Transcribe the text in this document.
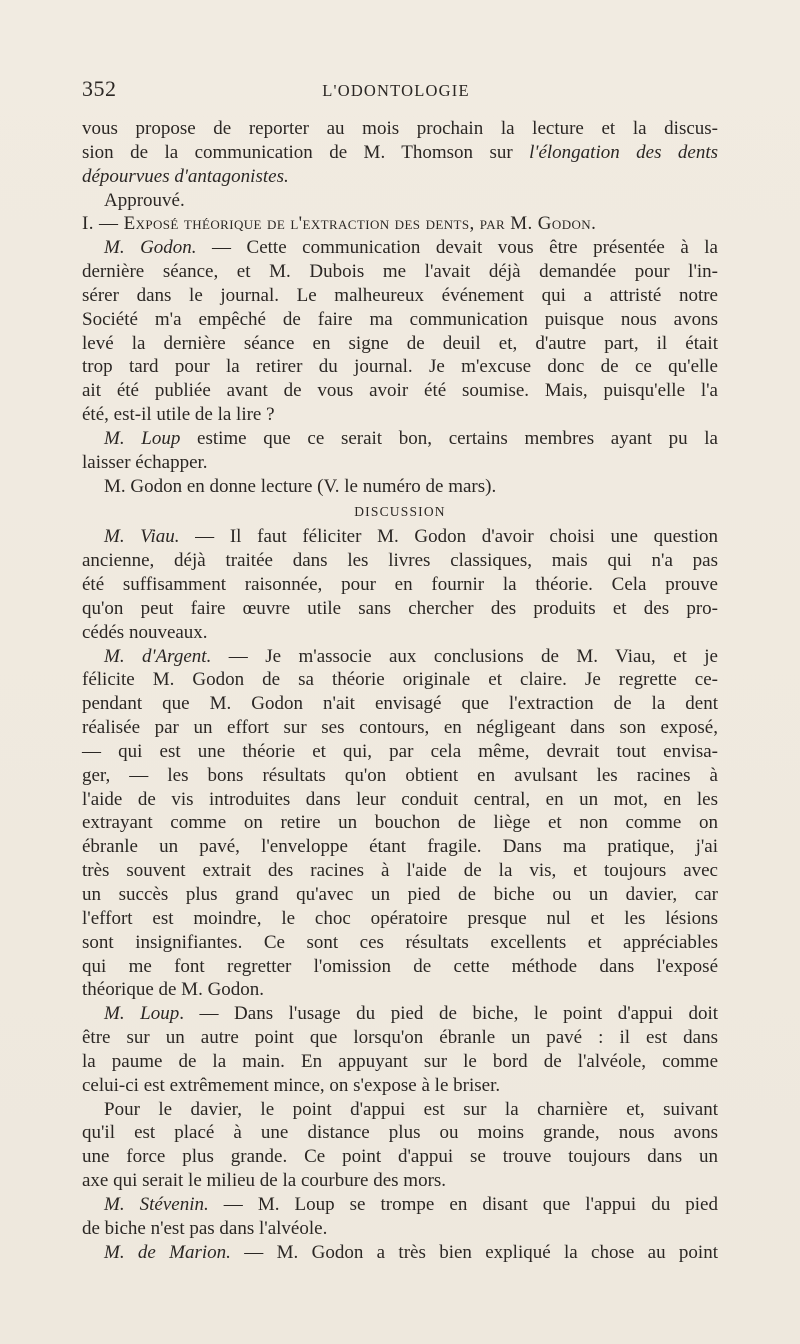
352	L'ODONTOLOGIE
vous propose de reporter au mois prochain la lecture et la discus-
sion de la communication de M. Thomson sur l'élongation des dents
dépourvues d'antagonistes.
Approuvé.
I. — Exposé théorique de l'extraction des dents, par M. Godon.
M. Godon. — Cette communication devait vous être présentée à la
dernière séance, et M. Dubois me l'avait déjà demandée pour l'in-
sérer dans le journal. Le malheureux événement qui a attristé notre
Société m'a empêché de faire ma communication puisque nous avons
levé la dernière séance en signe de deuil et, d'autre part, il était
trop tard pour la retirer du journal. Je m'excuse donc de ce qu'elle
ait été publiée avant de vous avoir été soumise. Mais, puisqu'elle l'a
été, est-il utile de la lire ?
M. Loup estime que ce serait bon, certains membres ayant pu la
laisser échapper.
M. Godon en donne lecture (V. le numéro de mars).
DISCUSSION
M. Viau. — Il faut féliciter M. Godon d'avoir choisi une question
ancienne, déjà traitée dans les livres classiques, mais qui n'a pas
été suffisamment raisonnée, pour en fournir la théorie. Cela prouve
qu'on peut faire œuvre utile sans chercher des produits et des pro-
cédés nouveaux.
M. d'Argent. — Je m'associe aux conclusions de M. Viau, et je
félicite M. Godon de sa théorie originale et claire. Je regrette ce-
pendant que M. Godon n'ait envisagé que l'extraction de la dent
réalisée par un effort sur ses contours, en négligeant dans son exposé,
— qui est une théorie et qui, par cela même, devrait tout envisa-
ger, — les bons résultats qu'on obtient en avulsant les racines à
l'aide de vis introduites dans leur conduit central, en un mot, en les
extrayant comme on retire un bouchon de liège et non comme on
ébranle un pavé, l'enveloppe étant fragile. Dans ma pratique, j'ai
très souvent extrait des racines à l'aide de la vis, et toujours avec
un succès plus grand qu'avec un pied de biche ou un davier, car
l'effort est moindre, le choc opératoire presque nul et les lésions
sont insignifiantes. Ce sont ces résultats excellents et appréciables
qui me font regretter l'omission de cette méthode dans l'exposé
théorique de M. Godon.
M. Loup. — Dans l'usage du pied de biche, le point d'appui doit
être sur un autre point que lorsqu'on ébranle un pavé : il est dans
la paume de la main. En appuyant sur le bord de l'alvéole, comme
celui-ci est extrêmement mince, on s'expose à le briser.
Pour le davier, le point d'appui est sur la charnière et, suivant
qu'il est placé à une distance plus ou moins grande, nous avons
une force plus grande. Ce point d'appui se trouve toujours dans un
axe qui serait le milieu de la courbure des mors.
M. Stévenin. — M. Loup se trompe en disant que l'appui du pied
de biche n'est pas dans l'alvéole.
M. de Marion. — M. Godon a très bien expliqué la chose au point
